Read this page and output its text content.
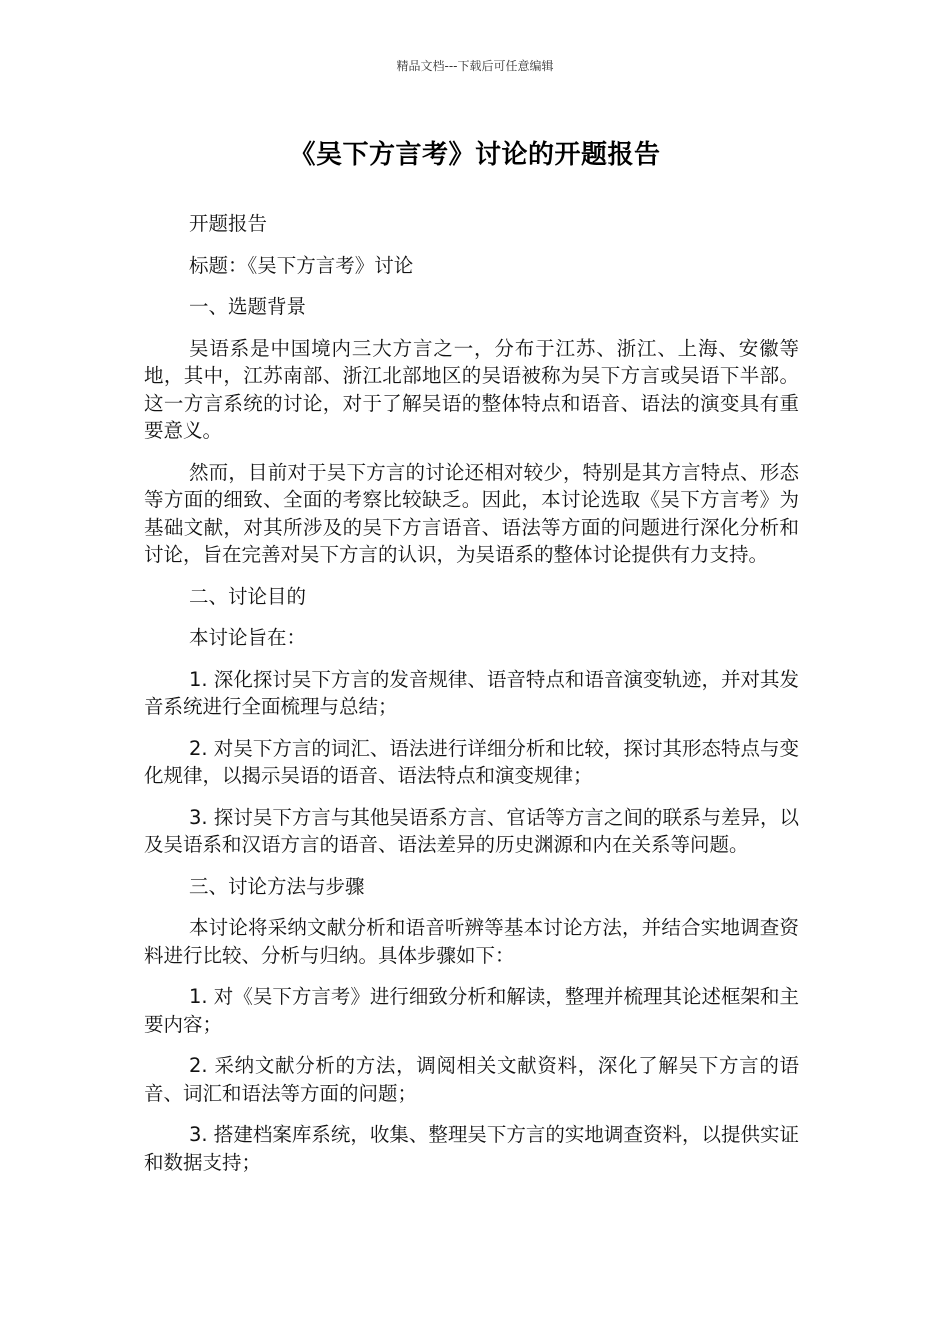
精品文档---下载后可任意编辑
《吴下方言考》讨论的开题报告

开题报告

标题：《吴下方言考》讨论

一、选题背景

吴语系是中国境内三大方言之一，分布于江苏、浙江、上海、安徽等地，其中，江苏南部、浙江北部地区的吴语被称为吴下方言或吴语下半部。这一方言系统的讨论，对于了解吴语的整体特点和语音、语法的演变具有重要意义。

然而，目前对于吴下方言的讨论还相对较少，特别是其方言特点、形态等方面的细致、全面的考察比较缺乏。因此，本讨论选取《吴下方言考》为基础文献，对其所涉及的吴下方言语音、语法等方面的问题进行深化分析和讨论，旨在完善对吴下方言的认识，为吴语系的整体讨论提供有力支持。

二、讨论目的

本讨论旨在：

1. 深化探讨吴下方言的发音规律、语音特点和语音演变轨迹，并对其发音系统进行全面梳理与总结；

2. 对吴下方言的词汇、语法进行详细分析和比较，探讨其形态特点与变化规律，以揭示吴语的语音、语法特点和演变规律；

3. 探讨吴下方言与其他吴语系方言、官话等方言之间的联系与差异，以及吴语系和汉语方言的语音、语法差异的历史渊源和内在关系等问题。

三、讨论方法与步骤

本讨论将采纳文献分析和语音听辨等基本讨论方法，并结合实地调查资料进行比较、分析与归纳。具体步骤如下：

1. 对《吴下方言考》进行细致分析和解读，整理并梳理其论述框架和主要内容；

2. 采纳文献分析的方法，调阅相关文献资料，深化了解吴下方言的语音、词汇和语法等方面的问题；

3. 搭建档案库系统，收集、整理吴下方言的实地调查资料，以提供实证和数据支持；
